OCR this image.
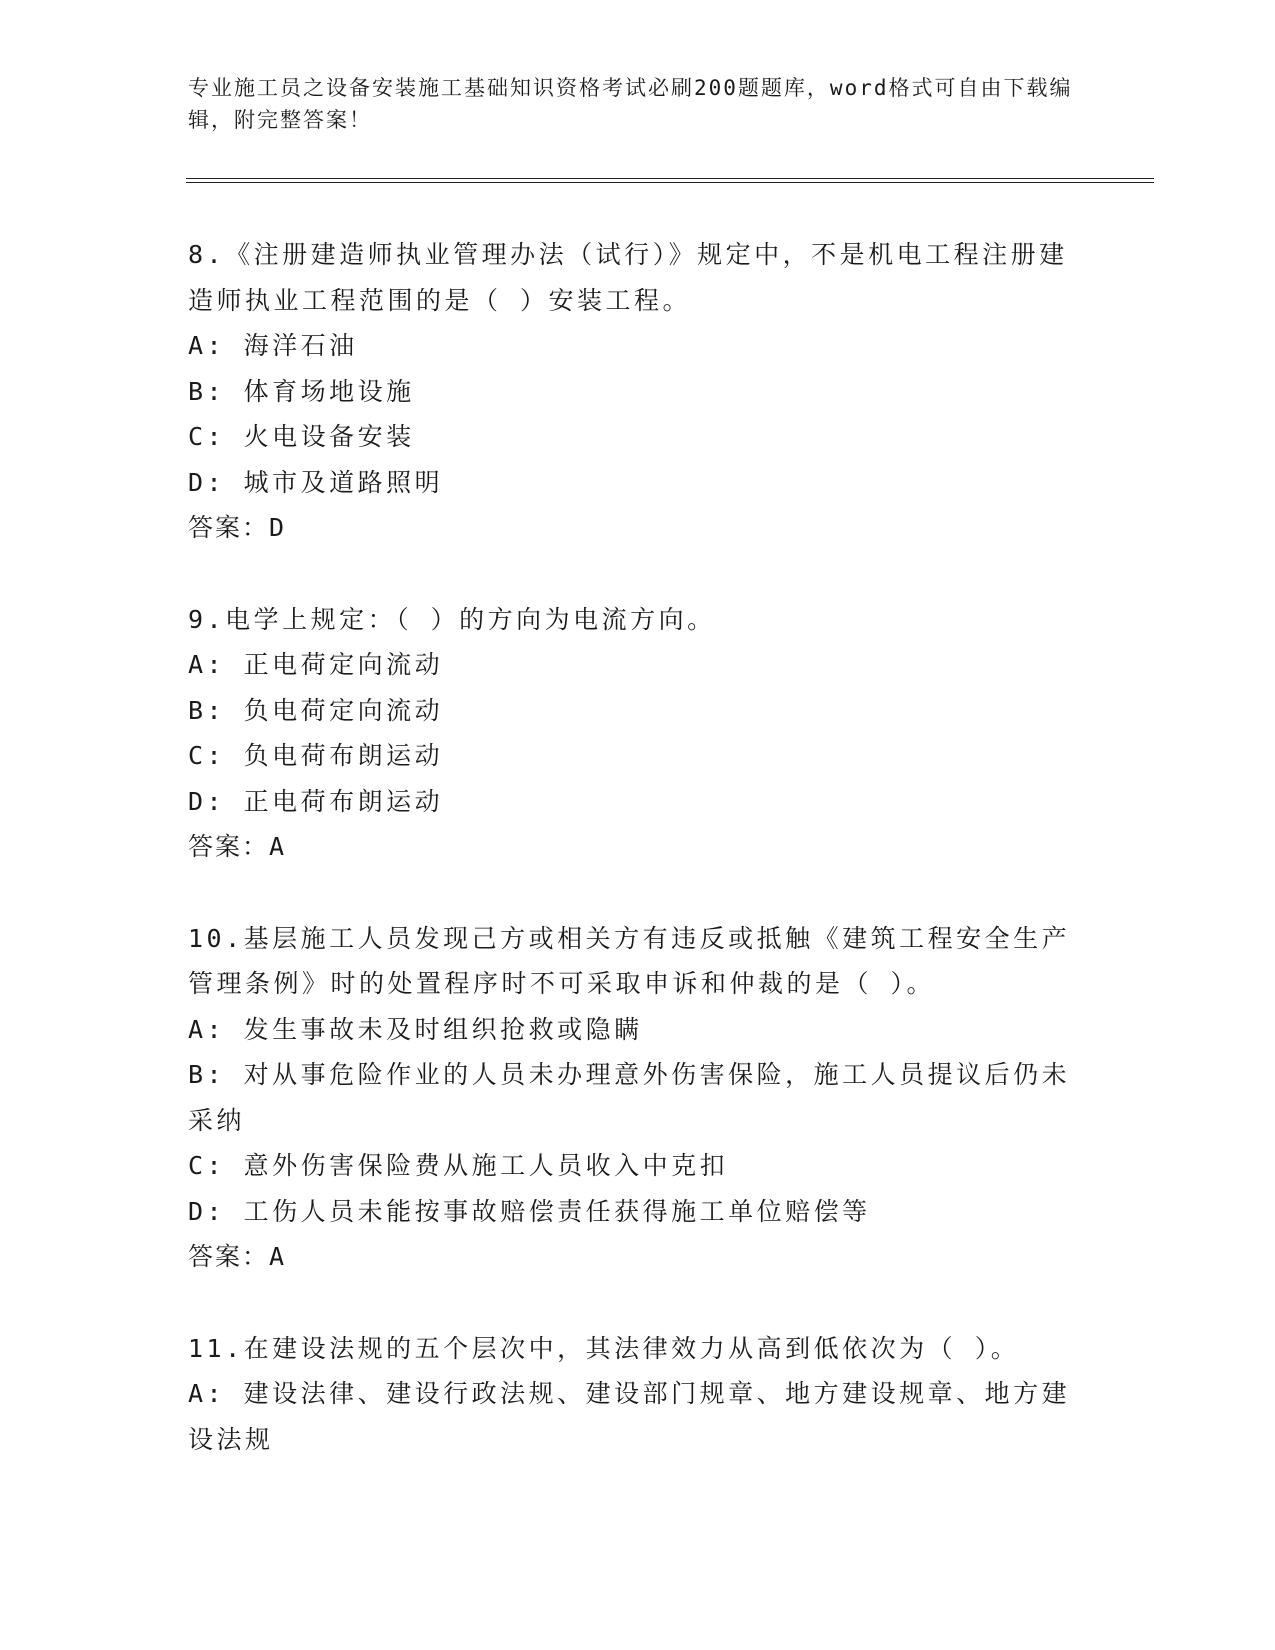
专业施工员之设备安装施工基础知识资格考试必刷200题题库，word格式可自由下载编辑，附完整答案！
8.《注册建造师执业管理办法（试行）》规定中，不是机电工程注册建造师执业工程范围的是（ ）安装工程。
A: 海洋石油
B: 体育场地设施
C: 火电设备安装
D: 城市及道路照明
答案：D
9.电学上规定：（ ）的方向为电流方向。
A: 正电荷定向流动
B: 负电荷定向流动
C: 负电荷布朗运动
D: 正电荷布朗运动
答案：A
10.基层施工人员发现己方或相关方有违反或抵触《建筑工程安全生产管理条例》时的处置程序时不可采取申诉和仲裁的是（ ）。
A: 发生事故未及时组织抢救或隐瞒
B: 对从事危险作业的人员未办理意外伤害保险，施工人员提议后仍未采纳
C: 意外伤害保险费从施工人员收入中克扣
D: 工伤人员未能按事故赔偿责任获得施工单位赔偿等
答案：A
11.在建设法规的五个层次中，其法律效力从高到低依次为（ ）。
A: 建设法律、建设行政法规、建设部门规章、地方建设规章、地方建设法规
